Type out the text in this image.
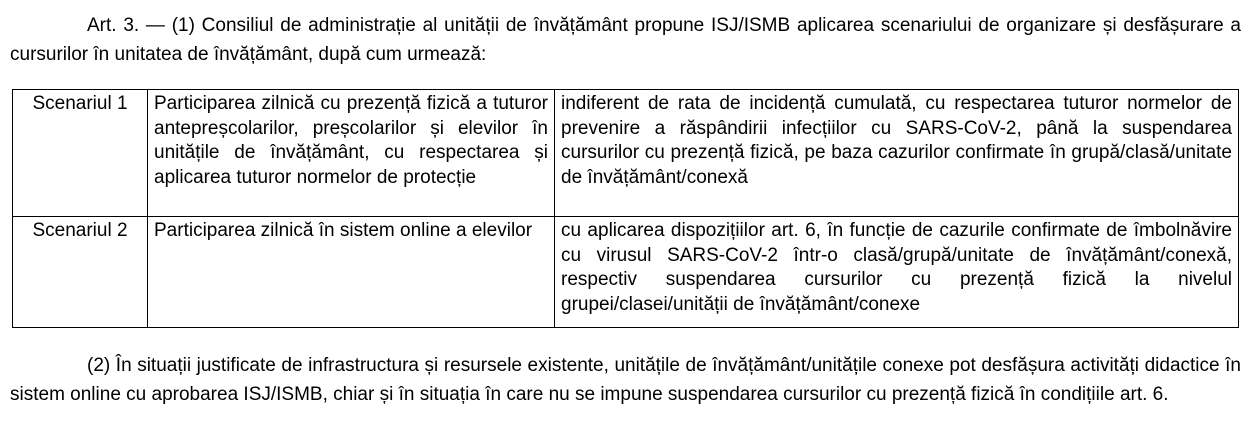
Art. 3. — (1) Consiliul de administrație al unității de învățământ propune ISJ/ISMB aplicarea scenariului de organizare și desfășurare a cursurilor în unitatea de învățământ, după cum urmează:

Scenariul 1	Participarea zilnică cu prezență fizică a tuturor antepreșcolarilor, preșcolarilor și elevilor în unitățile de învățământ, cu respectarea și aplicarea tuturor normelor de protecție	indiferent de rata de incidență cumulată, cu respectarea tuturor normelor de prevenire a răspândirii infecțiilor cu SARS-CoV-2, până la suspendarea cursurilor cu prezență fizică, pe baza cazurilor confirmate în grupă/clasă/unitate de învățământ/conexă
Scenariul 2	Participarea zilnică în sistem online a elevilor	cu aplicarea dispozițiilor art. 6, în funcție de cazurile confirmate de îmbolnăvire cu virusul SARS-CoV-2 într-o clasă/grupă/unitate de învățământ/conexă, respectiv suspendarea cursurilor cu prezență fizică la nivelul grupei/clasei/unității de învățământ/conexe

(2) În situații justificate de infrastructura și resursele existente, unitățile de învățământ/unitățile conexe pot desfășura activități didactice în sistem online cu aprobarea ISJ/ISMB, chiar și în situația în care nu se impune suspendarea cursurilor cu prezență fizică în condițiile art. 6.
